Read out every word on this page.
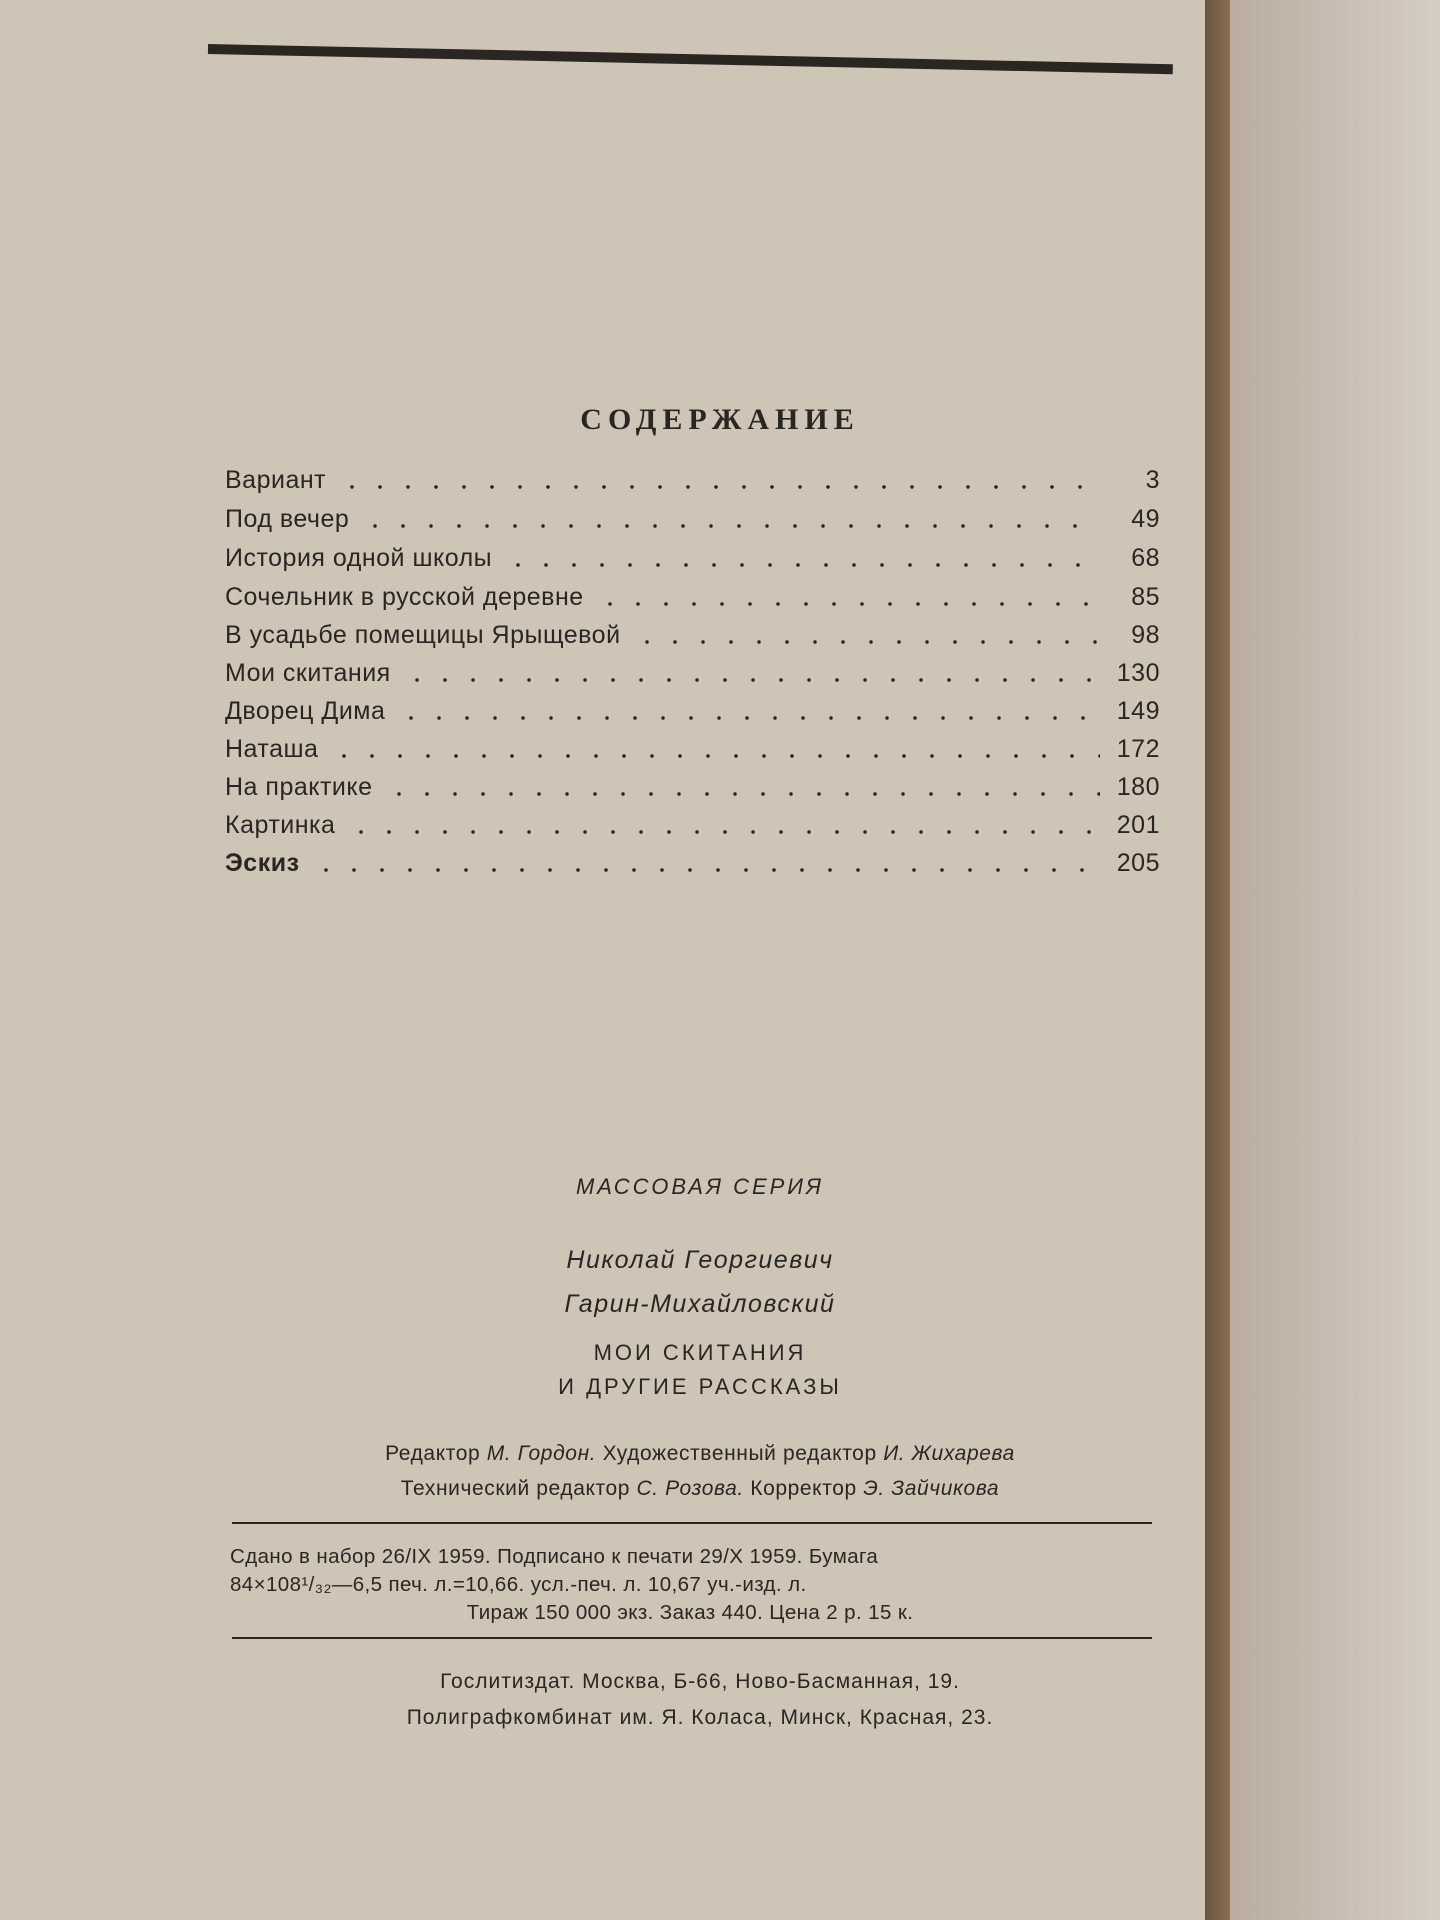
СОДЕРЖАНИЕ
Вариант	3
Под вечер	49
История одной школы	68
Сочельник в русской деревне	85
В усадьбе помещицы Ярыщевой	98
Мои скитания	130
Дворец Дима	149
Наташа	172
На практике	180
Картинка	201
Эскиз	205
МАССОВАЯ СЕРИЯ
Николай Георгиевич
Гарин-Михайловский
МОИ СКИТАНИЯ
И ДРУГИЕ РАССКАЗЫ
Редактор М. Гордон. Художественный редактор И. Жихарева
Технический редактор С. Розова. Корректор Э. Зайчикова
Сдано в набор 26/IX 1959. Подписано к печати 29/X 1959. Бумага
84×108¹/₃₂—6,5 печ. л.=10,66. усл.-печ. л. 10,67 уч.-изд. л.
Тираж 150 000 экз. Заказ 440. Цена 2 р. 15 к.
Гослитиздат. Москва, Б-66, Ново-Басманная, 19.
Полиграфкомбинат им. Я. Коласа, Минск, Красная, 23.
